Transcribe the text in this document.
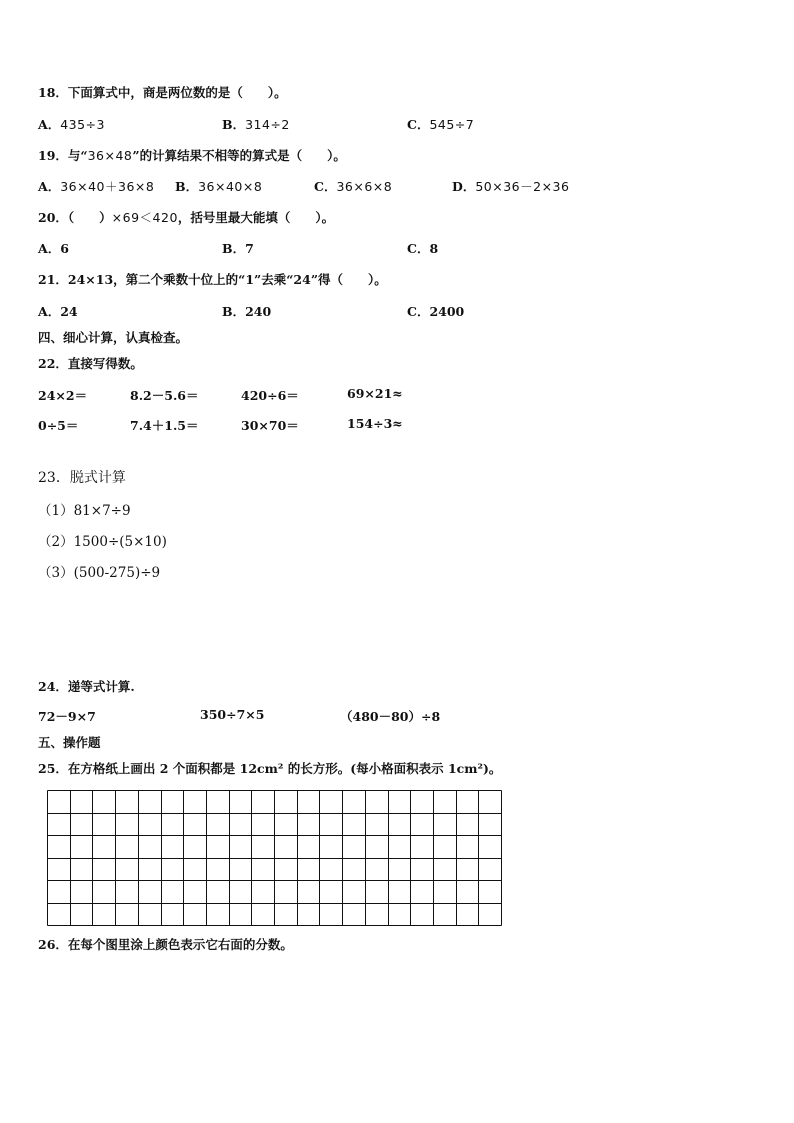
18．下面算式中，商是两位数的是（　　）。
A．435÷3	B．314÷2	C．545÷7
19．与“36×48”的计算结果不相等的算式是（　　）。
A．36×40＋36×8 B．36×40×8	C．36×6×8	D．50×36－2×36
20．（　　）×69＜420，括号里最大能填（　　）。
A．6	B．7	C．8
21．24×13，第二个乘数十位上的“1”去乘“24”得（　　）。
A．24	B．240	C．2400
四、细心计算，认真检查。
22．直接写得数。
24×2＝	8.2－5.6＝	420÷6＝	69×21≈
0÷5＝	7.4＋1.5＝	30×70＝	154÷3≈
23．脱式计算
（1）81×7÷9
（2）1500÷(5×10)
（3）(500-275)÷9
24．递等式计算.
72－9×7	350÷7×5	（480－80）÷8
五、操作题
25．在方格纸上画出 2 个面积都是 12cm² 的长方形。(每小格面积表示 1cm²)。
26．在每个图里涂上颜色表示它右面的分数。
